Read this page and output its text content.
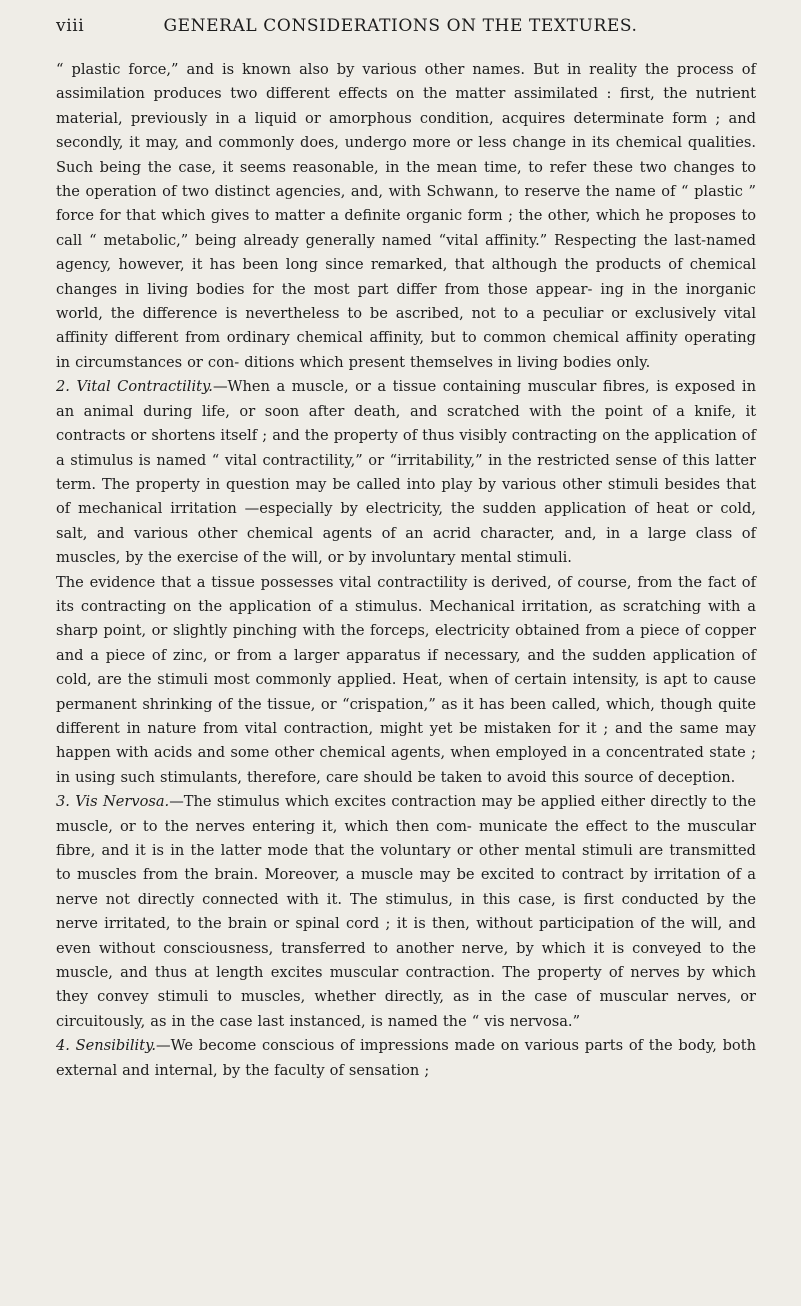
viii	GENERAL CONSIDERATIONS ON THE TEXTURES.

“ plastic force,” and is known also by various other names. But in reality the process of assimilation produces two different effects on the matter assimilated : first, the nutrient material, previously in a liquid or amorphous condition, acquires determinate form ; and secondly, it may, and commonly does, undergo more or less change in its chemical qualities. Such being the case, it seems reasonable, in the mean time, to refer these two changes to the operation of two distinct agencies, and, with Schwann, to reserve the name of “ plastic ” force for that which gives to matter a definite organic form ; the other, which he proposes to call “ metabolic,” being already generally named “vital affinity.” Respecting the last-named agency, however, it has been long since remarked, that although the products of chemical changes in living bodies for the most part differ from those appear- ing in the inorganic world, the difference is nevertheless to be ascribed, not to a peculiar or exclusively vital affinity different from ordinary chemical affinity, but to common chemical affinity operating in circumstances or con- ditions which present themselves in living bodies only.

2. Vital Contractility.—When a muscle, or a tissue containing muscular fibres, is exposed in an animal during life, or soon after death, and scratched with the point of a knife, it contracts or shortens itself ; and the property of thus visibly contracting on the application of a stimulus is named “ vital contractility,” or “irritability,” in the restricted sense of this latter term. The property in question may be called into play by various other stimuli besides that of mechanical irritation —especially by electricity, the sudden application of heat or cold, salt, and various other chemical agents of an acrid character, and, in a large class of muscles, by the exercise of the will, or by involuntary mental stimuli.

The evidence that a tissue possesses vital contractility is derived, of course, from the fact of its contracting on the application of a stimulus. Mechanical irritation, as scratching with a sharp point, or slightly pinching with the forceps, electricity obtained from a piece of copper and a piece of zinc, or from a larger apparatus if necessary, and the sudden application of cold, are the stimuli most commonly applied. Heat, when of certain intensity, is apt to cause permanent shrinking of the tissue, or “crispation,” as it has been called, which, though quite different in nature from vital contraction, might yet be mistaken for it ; and the same may happen with acids and some other chemical agents, when employed in a concentrated state ; in using such stimulants, therefore, care should be taken to avoid this source of deception.

3. Vis Nervosa.—The stimulus which excites contraction may be applied either directly to the muscle, or to the nerves entering it, which then com- municate the effect to the muscular fibre, and it is in the latter mode that the voluntary or other mental stimuli are transmitted to muscles from the brain. Moreover, a muscle may be excited to contract by irritation of a nerve not directly connected with it. The stimulus, in this case, is first conducted by the nerve irritated, to the brain or spinal cord ; it is then, without participation of the will, and even without consciousness, transferred to another nerve, by which it is conveyed to the muscle, and thus at length excites muscular contraction. The property of nerves by which they convey stimuli to muscles, whether directly, as in the case of muscular nerves, or circuitously, as in the case last instanced, is named the “ vis nervosa.”

4. Sensibility.—We become conscious of impressions made on various parts of the body, both external and internal, by the faculty of sensation ;
